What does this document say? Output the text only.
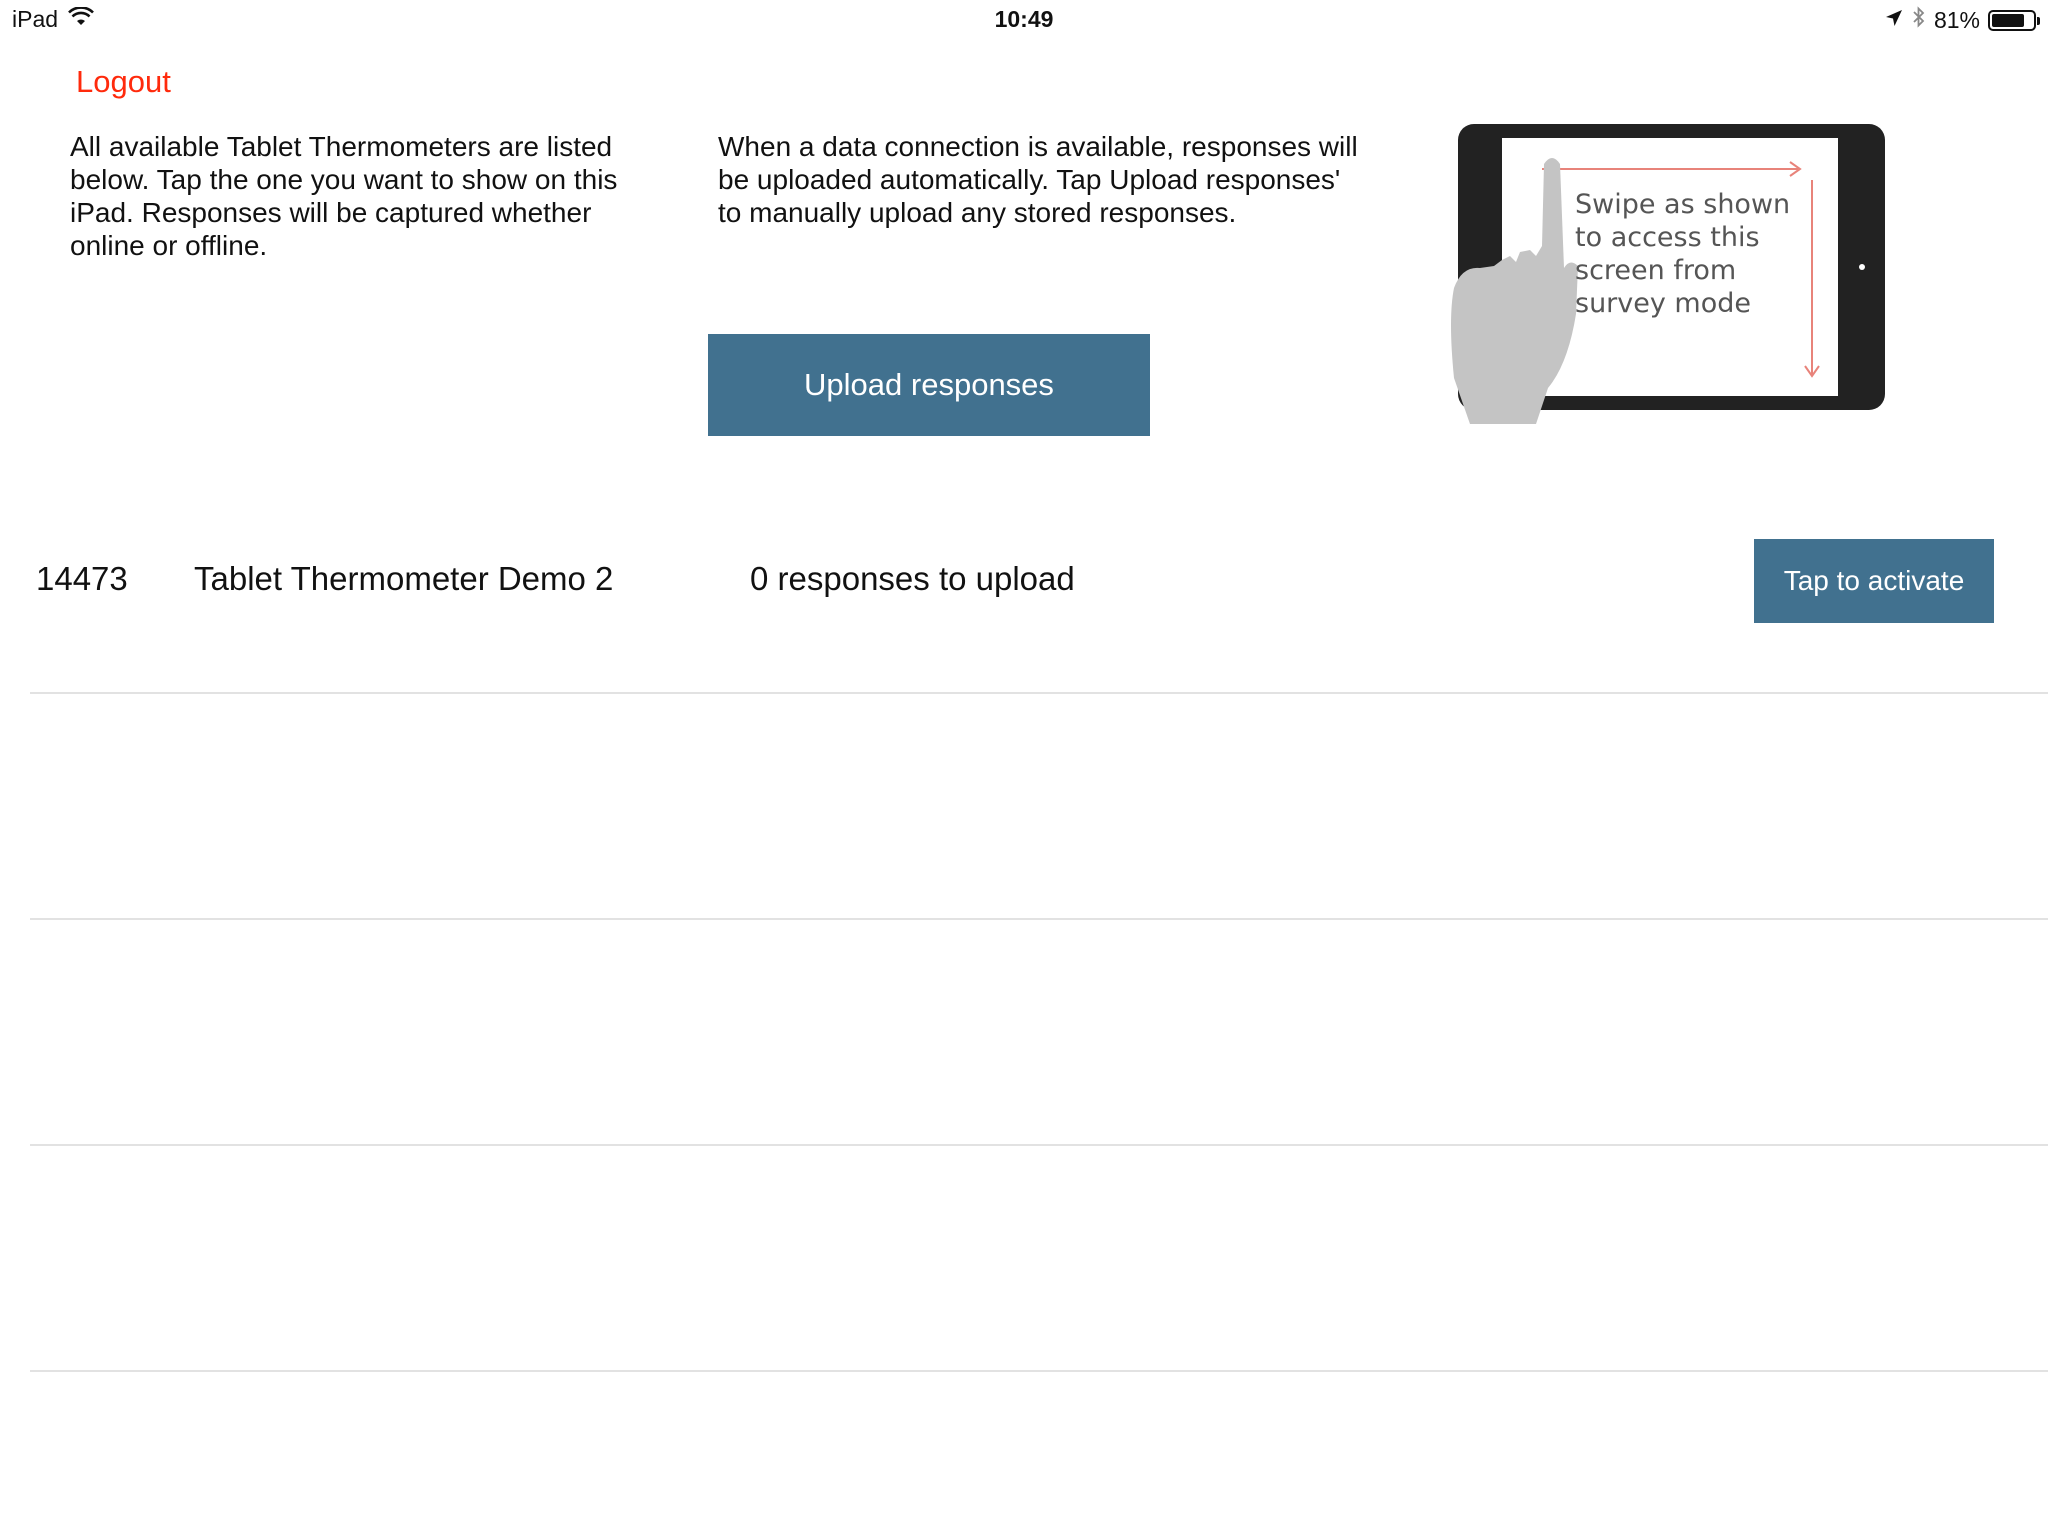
iPad	10:49	81%
Logout
All available Tablet Thermometers are listed below. Tap the one you want to show on this iPad. Responses will be captured whether online or offline.
When a data connection is available, responses will be uploaded automatically. Tap Upload responses' to manually upload any stored responses.
Upload responses
Swipe as shown to access this screen from survey mode
14473 Tablet Thermometer Demo 2	0 responses to upload	Tap to activate
